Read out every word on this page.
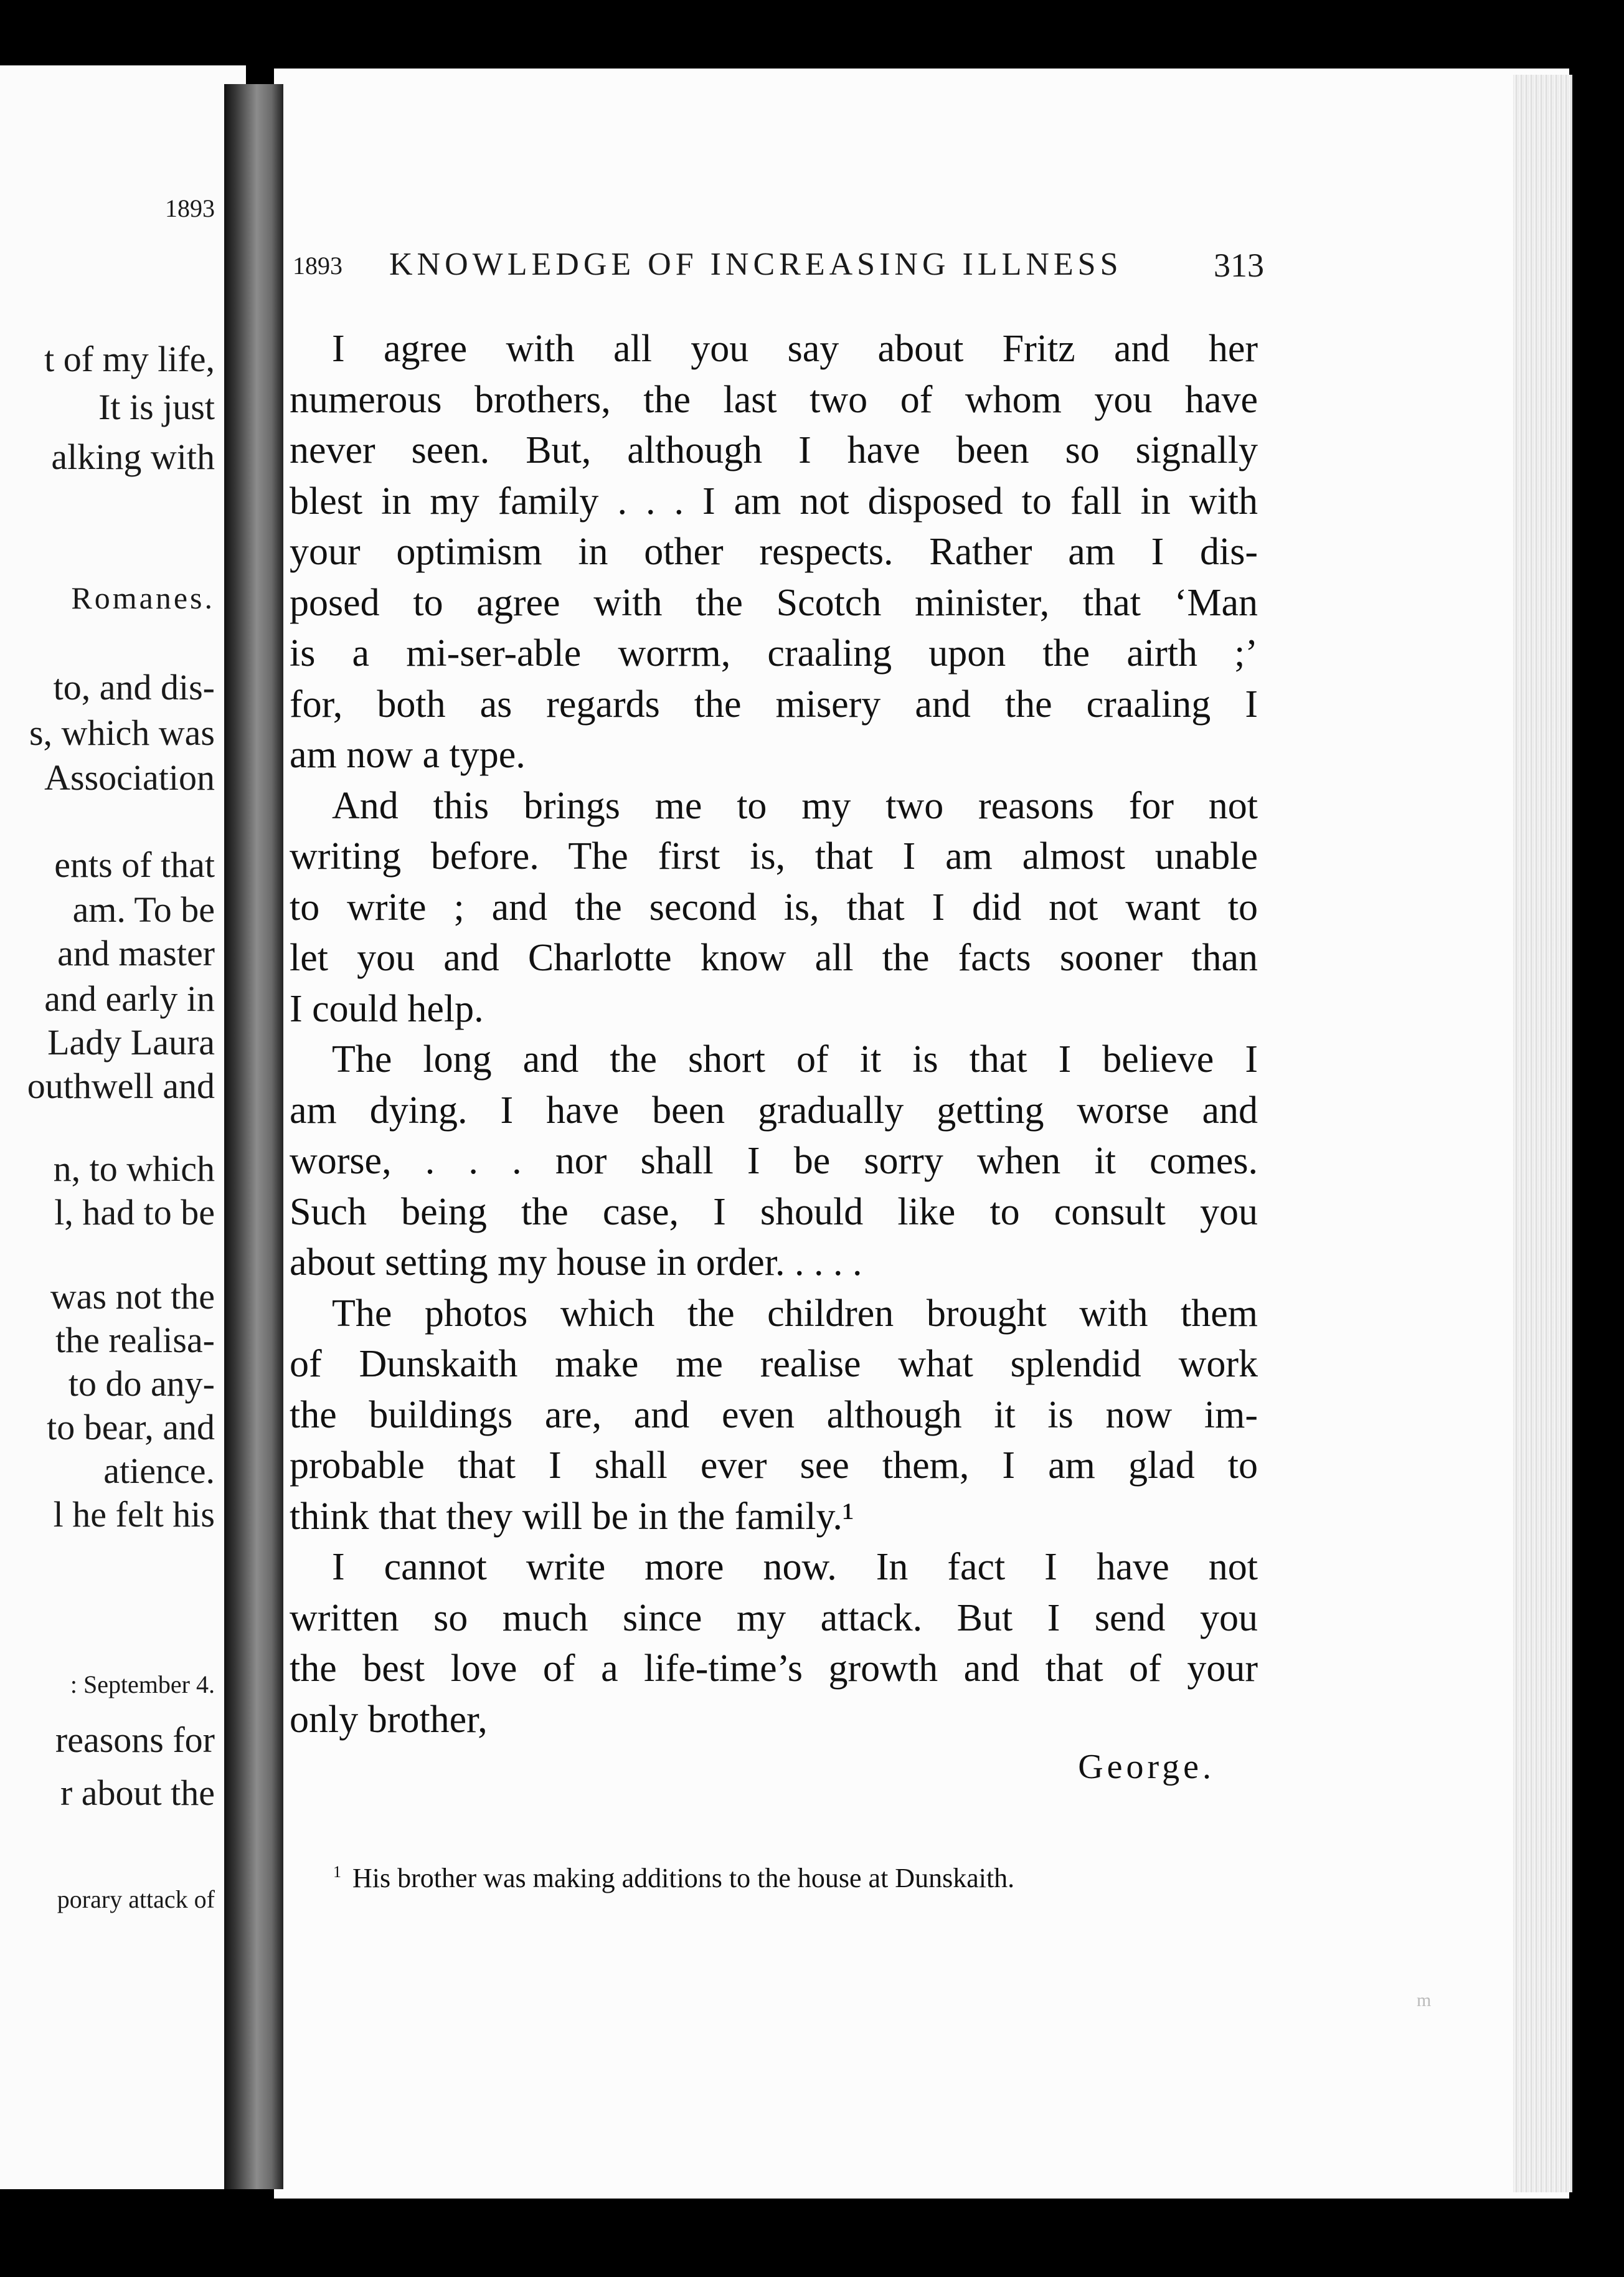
1893
t of my life,
It is just
alking with
Romanes.
to, and dis-
s, which was
Association
ents of that
am. To be
and master
and early in
Lady Laura
outhwell and
n, to which
l, had to be
was not the
the realisa-
to do any-
to bear, and
atience.
l he felt his
: September 4.
reasons for
r about the
porary attack of
1893 KNOWLEDGE OF INCREASING ILLNESS	313
I agree with all you say about Fritz and her
numerous brothers, the last two of whom you have
never seen. But, although I have been so signally
blest in my family . . . I am not disposed to fall in with
your optimism in other respects. Rather am I dis-
posed to agree with the Scotch minister, that ‘Man
is a mi-ser-able worrm, craaling upon the airth ;’
for, both as regards the misery and the craaling I
am now a type.
And this brings me to my two reasons for not
writing before. The first is, that I am almost unable
to write ; and the second is, that I did not want to
let you and Charlotte know all the facts sooner than
I could help.
The long and the short of it is that I believe I
am dying. I have been gradually getting worse and
worse, . . . nor shall I be sorry when it comes.
Such being the case, I should like to consult you
about setting my house in order. . . . .
The photos which the children brought with them
of Dunskaith make me realise what splendid work
the buildings are, and even although it is now im-
probable that I shall ever see them, I am glad to
think that they will be in the family.¹
I cannot write more now. In fact I have not
written so much since my attack. But I send you
the best love of a life-time’s growth and that of your
only brother,
George.
$^1$ His brother was making additions to the house at Dunskaith.
m
